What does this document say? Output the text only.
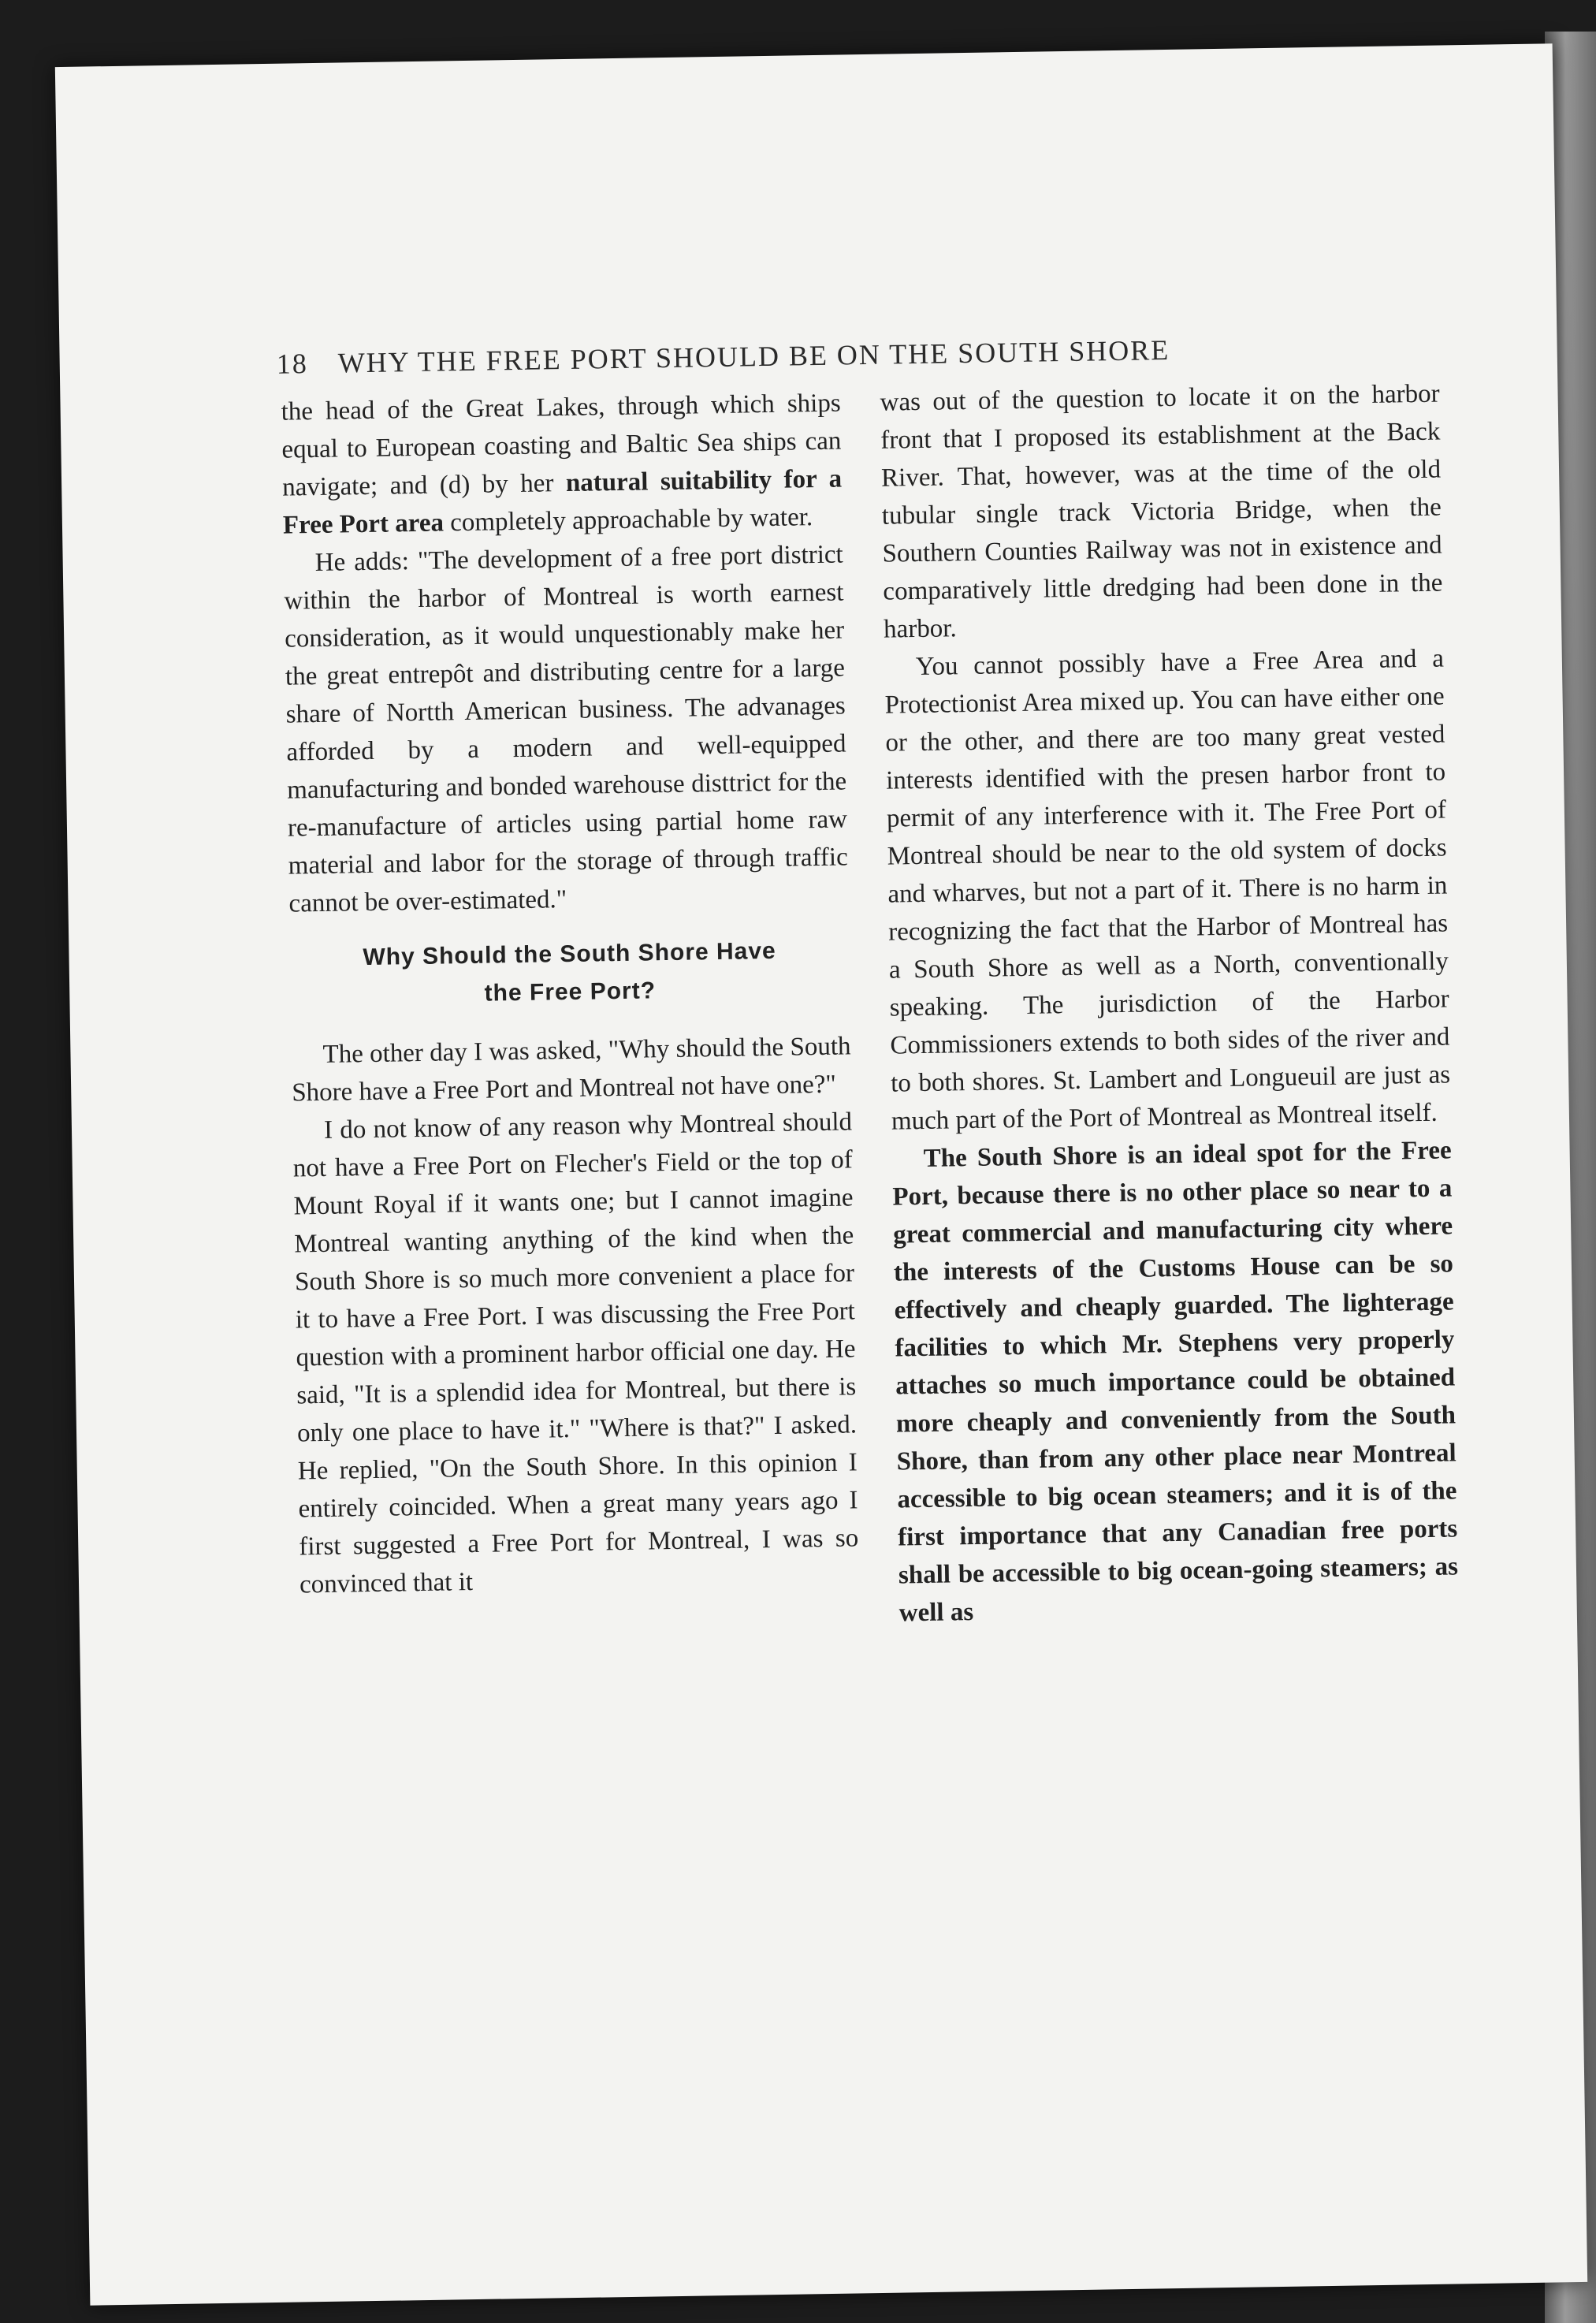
18 WHY THE FREE PORT SHOULD BE ON THE SOUTH SHORE

the head of the Great Lakes, through which ships equal to European coasting and Baltic Sea ships can navigate; and (d) by her natural suitability for a Free Port area completely approachable by water.

He adds: "The development of a free port district within the harbor of Montreal is worth earnest consideration, as it would unquestionably make her the great entrepôt and distributing centre for a large share of Nortth American business. The advanages afforded by a modern and well-equipped manufacturing and bonded warehouse disttrict for the re-manufacture of articles using partial home raw material and labor for the storage of through traffic cannot be over-estimated."

Why Should the South Shore Have
the Free Port?

The other day I was asked, "Why should the South Shore have a Free Port and Montreal not have one?"

I do not know of any reason why Montreal should not have a Free Port on Flecher's Field or the top of Mount Royal if it wants one; but I cannot imagine Montreal wanting anything of the kind when the South Shore is so much more convenient a place for it to have a Free Port. I was discussing the Free Port question with a prominent harbor official one day. He said, "It is a splendid idea for Montreal, but there is only one place to have it." "Where is that?" I asked. He replied, "On the South Shore. In this opinion I entirely coincided. When a great many years ago I first suggested a Free Port for Montreal, I was so convinced that it

was out of the question to locate it on the harbor front that I proposed its establishment at the Back River. That, however, was at the time of the old tubular single track Victoria Bridge, when the Southern Counties Railway was not in existence and comparatively little dredging had been done in the harbor.

You cannot possibly have a Free Area and a Protectionist Area mixed up. You can have either one or the other, and there are too many great vested interests identified with the presen harbor front to permit of any interference with it. The Free Port of Montreal should be near to the old system of docks and wharves, but not a part of it. There is no harm in recognizing the fact that the Harbor of Montreal has a South Shore as well as a North, conventionally speaking. The jurisdiction of the Harbor Commissioners extends to both sides of the river and to both shores. St. Lambert and Longueuil are just as much part of the Port of Montreal as Montreal itself.

The South Shore is an ideal spot for the Free Port, because there is no other place so near to a great commercial and manufacturing city where the interests of the Customs House can be so effectively and cheaply guarded. The lighterage facilities to which Mr. Stephens very properly attaches so much importance could be obtained more cheaply and conveniently from the South Shore, than from any other place near Montreal accessible to big ocean steamers; and it is of the first importance that any Canadian free ports shall be accessible to big ocean-going steamers; as well as
